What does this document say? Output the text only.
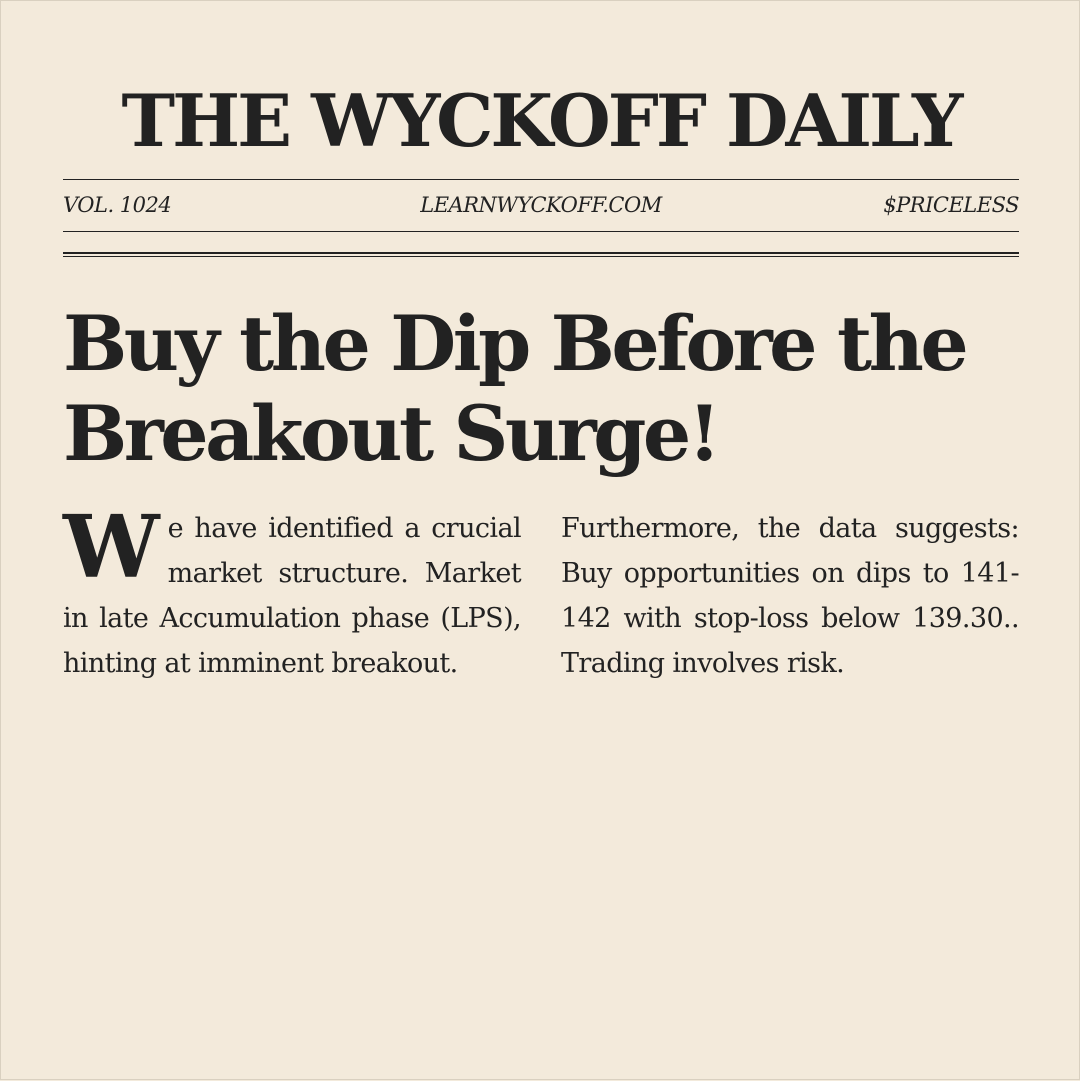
THE WYCKOFF DAILY
LEARNWYCKOFF.COM
VOL. 1024	$PRICELESS
Buy the Dip Before the Breakout Surge!

We have identified a crucial market structure. Market in late Accumulation phase (LPS), hinting at imminent breakout.

Furthermore, the data suggests: Buy opportunities on dips to 141-142 with stop-loss below 139.30.. Trading involves risk.
